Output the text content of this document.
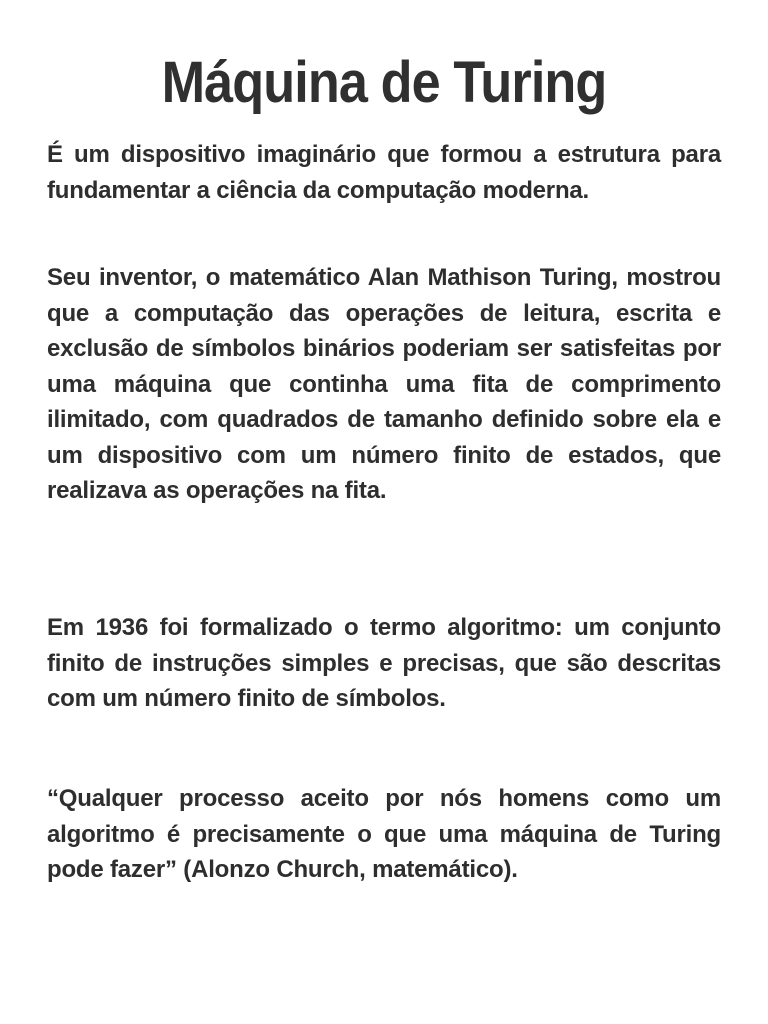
Máquina de Turing

É um dispositivo imaginário que formou a estrutura para fundamentar a ciência da computação moderna.

Seu inventor, o matemático Alan Mathison Turing, mostrou que a computação das operações de leitura, escrita e exclusão de símbolos binários poderiam ser satisfeitas por uma máquina que continha uma fita de comprimento ilimitado, com quadrados de tamanho definido sobre ela e um dispositivo com um número finito de estados, que realizava as operações na fita.

Em 1936 foi formalizado o termo algoritmo: um conjunto finito de instruções simples e precisas, que são descritas com um número finito de símbolos.

“Qualquer processo aceito por nós homens como um algoritmo é precisamente o que uma máquina de Turing pode fazer” (Alonzo Church, matemático).
